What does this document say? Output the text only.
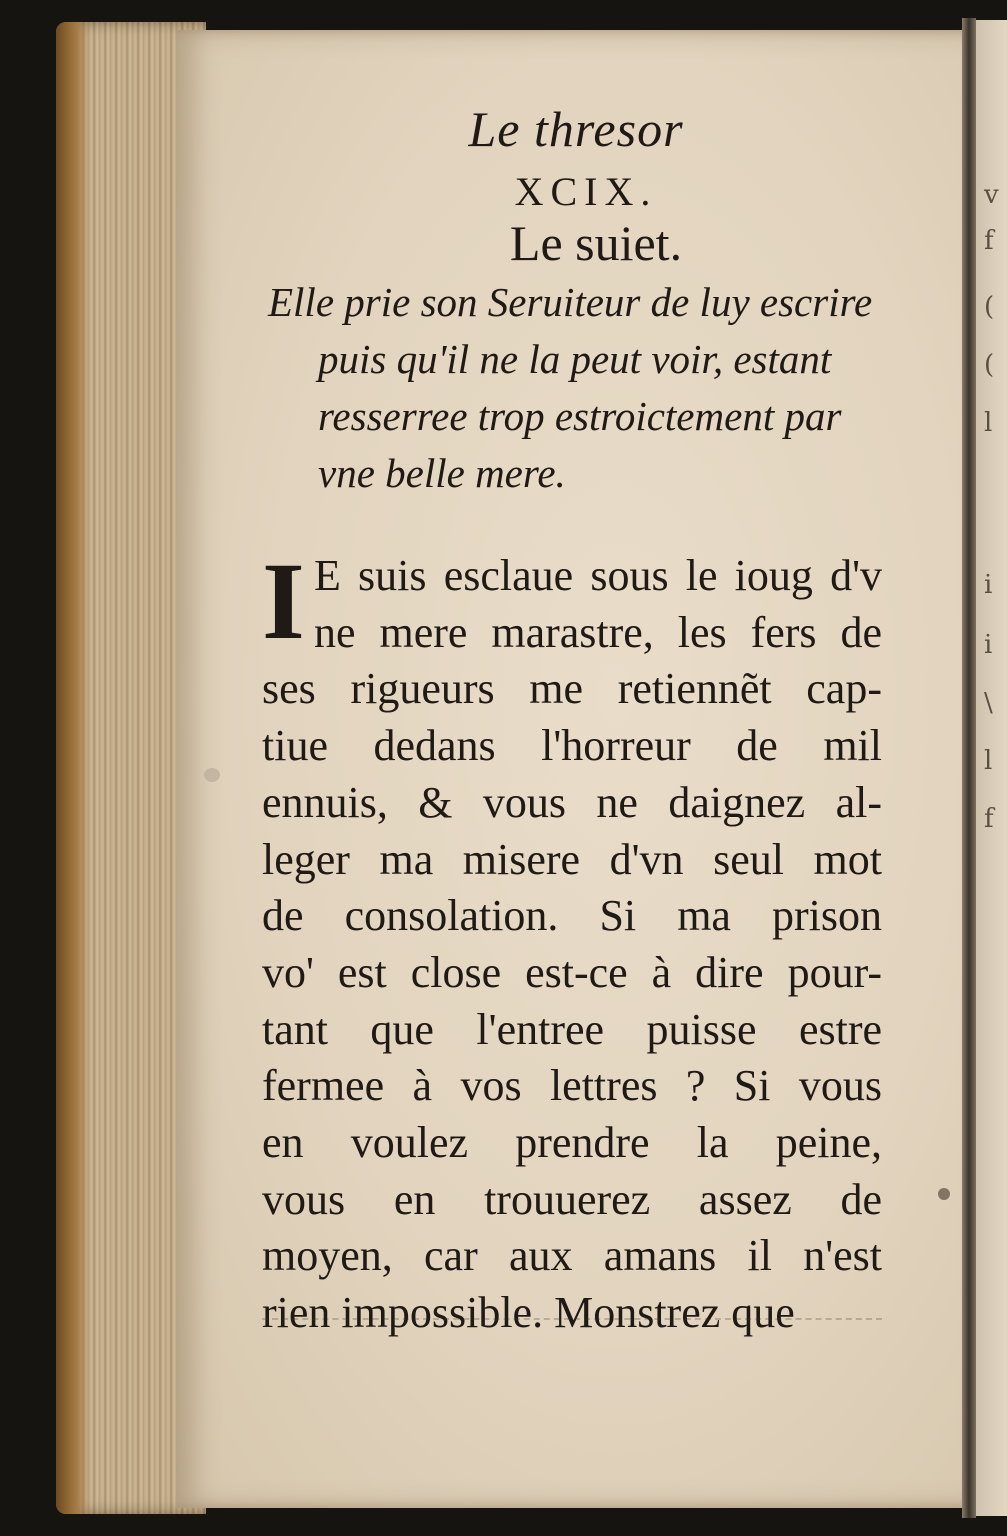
v
f
(
(
l
i
i
\
l
f
Le thresor
XCIX.
Le suiet.
Elle prie son Seruiteur de luy escrire
puis qu'il ne la peut voir, estant
resserree trop estroictement par
vne belle mere.
I E suis esclaue sous le ioug d'v
ne mere marastre, les fers de
ses rigueurs me retiennẽt cap-
tiue dedans l'horreur de mil
ennuis, & vous ne daignez al-
leger ma misere d'vn seul mot
de consolation. Si ma prison
vo' est close est-ce à dire pour-
tant que l'entree puisse estre
fermee à vos lettres ? Si vous
en voulez prendre la peine,
vous en trouuerez assez de
moyen, car aux amans il n'est
rien impossible. Monstrez que
